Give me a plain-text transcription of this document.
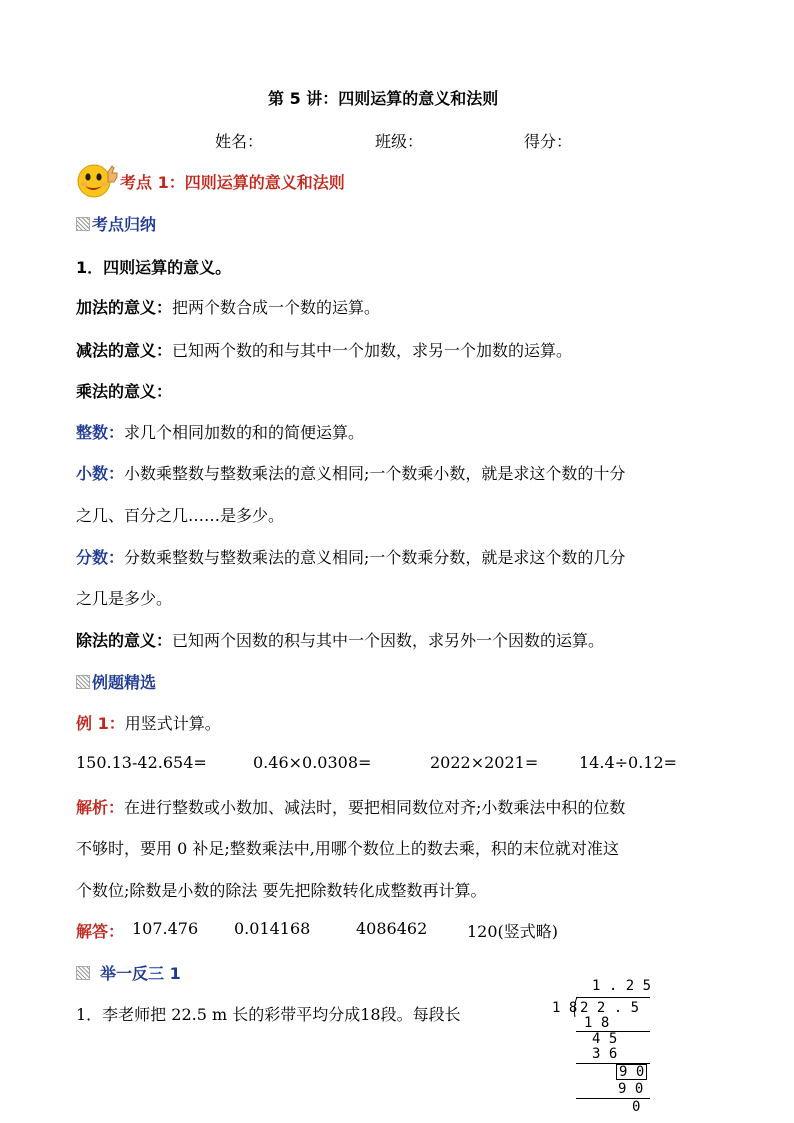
第 5 讲：四则运算的意义和法则
姓名：	班级：	得分：
考点 1：四则运算的意义和法则
考点归纳
1．四则运算的意义。
加法的意义：把两个数合成一个数的运算。
减法的意义：已知两个数的和与其中一个加数，求另一个加数的运算。
乘法的意义：
整数：求几个相同加数的和的简便运算。
小数：小数乘整数与整数乘法的意义相同;一个数乘小数，就是求这个数的十分
之几、百分之几……是多少。
分数：分数乘整数与整数乘法的意义相同;一个数乘分数，就是求这个数的几分
之几是多少。
除法的意义：已知两个因数的积与其中一个因数，求另外一个因数的运算。
例题精选
例 1：用竖式计算。
150.13-42.654=	0.46×0.0308=	2022×2021=	14.4÷0.12=
解析：在进行整数或小数加、减法时，要把相同数位对齐;小数乘法中积的位数
不够时，要用 0 补足;整数乘法中,用哪个数位上的数去乘，积的末位就对准这
个数位;除数是小数的除法 要先把除数转化成整数再计算。
解答： 107.476 0.014168	4086462 120(竖式略)
举一反三 1
1．李老师把 22.5 m 长的彩带平均分成18段。每段长
1 . 2 5
1 8 2 2 . 5
1 8
4 5
3 6
9 0
9 0
0
